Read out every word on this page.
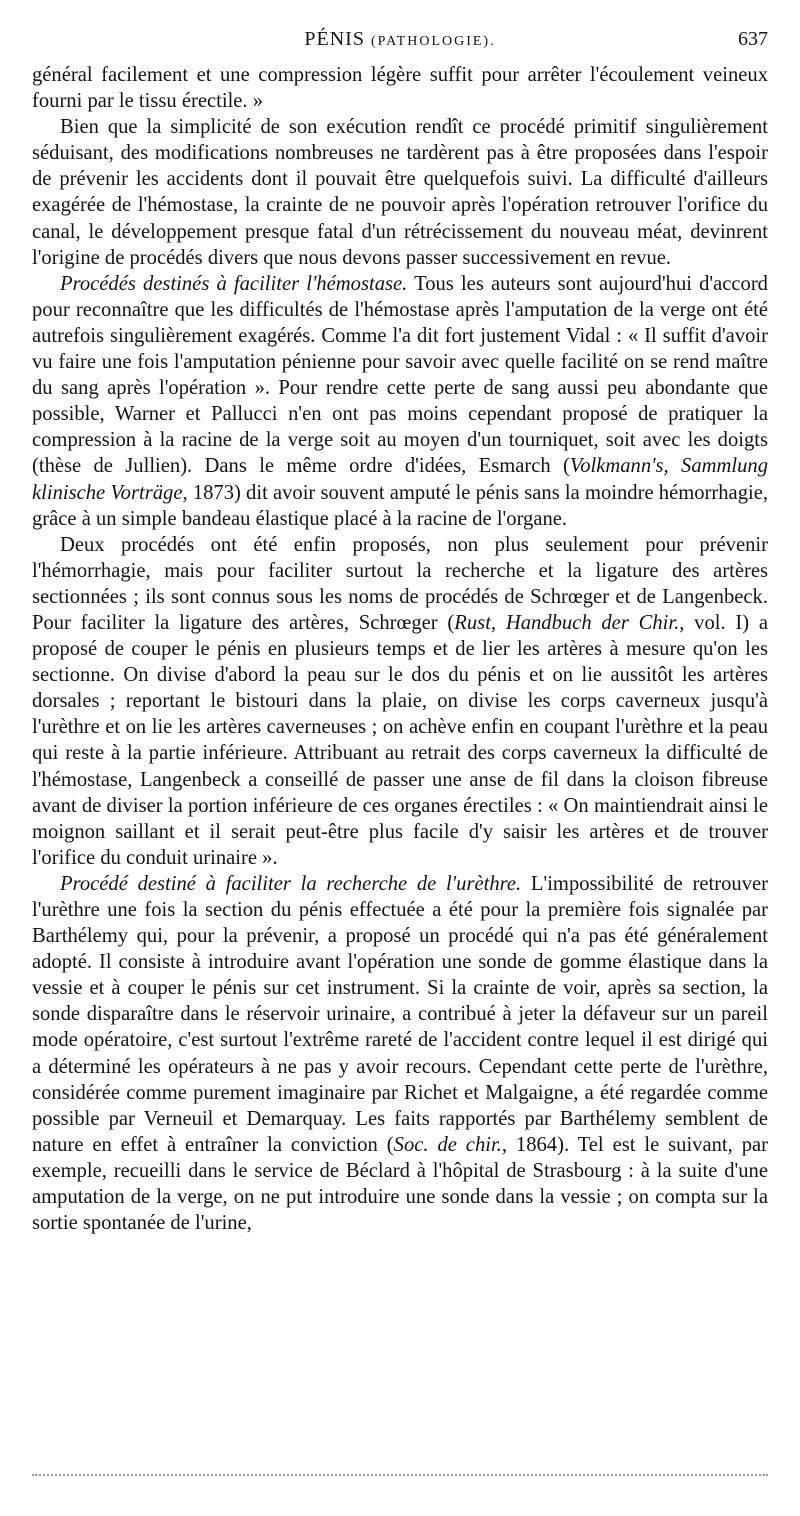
PÉNIS (PATHOLOGIE).	637

général facilement et une compression légère suffit pour arrêter l'écoulement veineux fourni par le tissu érectile. »

Bien que la simplicité de son exécution rendît ce procédé primitif singulièrement séduisant, des modifications nombreuses ne tardèrent pas à être proposées dans l'espoir de prévenir les accidents dont il pouvait être quelquefois suivi. La difficulté d'ailleurs exagérée de l'hémostase, la crainte de ne pouvoir après l'opération retrouver l'orifice du canal, le développement presque fatal d'un rétrécissement du nouveau méat, devinrent l'origine de procédés divers que nous devons passer successivement en revue.

Procédés destinés à faciliter l'hémostase. Tous les auteurs sont aujourd'hui d'accord pour reconnaître que les difficultés de l'hémostase après l'amputation de la verge ont été autrefois singulièrement exagérés. Comme l'a dit fort justement Vidal : « Il suffit d'avoir vu faire une fois l'amputation pénienne pour savoir avec quelle facilité on se rend maître du sang après l'opération ». Pour rendre cette perte de sang aussi peu abondante que possible, Warner et Pallucci n'en ont pas moins cependant proposé de pratiquer la compression à la racine de la verge soit au moyen d'un tourniquet, soit avec les doigts (thèse de Jullien). Dans le même ordre d'idées, Esmarch (Volkmann's, Sammlung klinische Vorträge, 1873) dit avoir souvent amputé le pénis sans la moindre hémorrhagie, grâce à un simple bandeau élastique placé à la racine de l'organe.

Deux procédés ont été enfin proposés, non plus seulement pour prévenir l'hémorrhagie, mais pour faciliter surtout la recherche et la ligature des artères sectionnées ; ils sont connus sous les noms de procédés de Schrœger et de Langenbeck. Pour faciliter la ligature des artères, Schrœger (Rust, Handbuch der Chir., vol. I) a proposé de couper le pénis en plusieurs temps et de lier les artères à mesure qu'on les sectionne. On divise d'abord la peau sur le dos du pénis et on lie aussitôt les artères dorsales ; reportant le bistouri dans la plaie, on divise les corps caverneux jusqu'à l'urèthre et on lie les artères caverneuses ; on achève enfin en coupant l'urèthre et la peau qui reste à la partie inférieure. Attribuant au retrait des corps caverneux la difficulté de l'hémostase, Langenbeck a conseillé de passer une anse de fil dans la cloison fibreuse avant de diviser la portion inférieure de ces organes érectiles : « On maintiendrait ainsi le moignon saillant et il serait peut-être plus facile d'y saisir les artères et de trouver l'orifice du conduit urinaire ».

Procédé destiné à faciliter la recherche de l'urèthre. L'impossibilité de retrouver l'urèthre une fois la section du pénis effectuée a été pour la première fois signalée par Barthélemy qui, pour la prévenir, a proposé un procédé qui n'a pas été généralement adopté. Il consiste à introduire avant l'opération une sonde de gomme élastique dans la vessie et à couper le pénis sur cet instrument. Si la crainte de voir, après sa section, la sonde disparaître dans le réservoir urinaire, a contribué à jeter la défaveur sur un pareil mode opératoire, c'est surtout l'extrême rareté de l'accident contre lequel il est dirigé qui a déterminé les opérateurs à ne pas y avoir recours. Cependant cette perte de l'urèthre, considérée comme purement imaginaire par Richet et Malgaigne, a été regardée comme possible par Verneuil et Demarquay. Les faits rapportés par Barthélemy semblent de nature en effet à entraîner la conviction (Soc. de chir., 1864). Tel est le suivant, par exemple, recueilli dans le service de Béclard à l'hôpital de Strasbourg : à la suite d'une amputation de la verge, on ne put introduire une sonde dans la vessie ; on compta sur la sortie spontanée de l'urine,
